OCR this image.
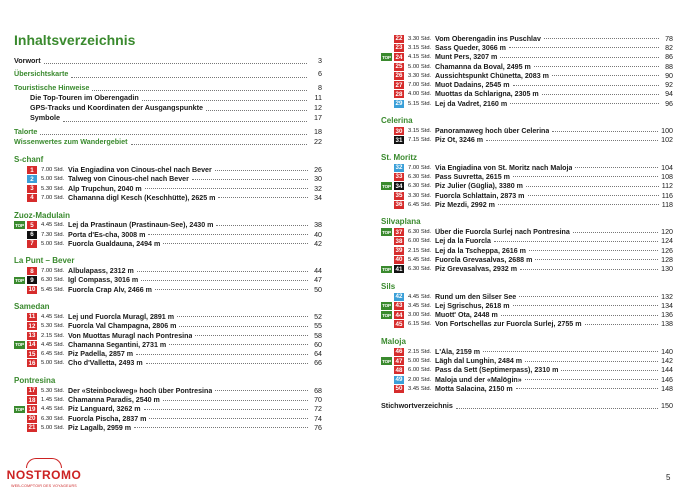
Inhaltsverzeichnis
Vorwort	3
Übersichtskarte	6
Touristische Hinweise	8
Die Top-Touren im Oberengadin	11
GPS-Tracks und Koordinaten der Ausgangspunkte	12
Symbole	17
Talorte	18
Wissenwertes zum Wandergebiet	22
S-chanf
1	7.00 Std. Via Engiadina von Cinous-chel nach Bever	26
2	5.00 Std. Talweg von Cinous-chel nach Bever	30
3	5.30 Std. Alp Trupchun, 2040 m	32
4	7.00 Std. Chamanna digl Kesch (Keschhütte), 2625 m	34
Zuoz-Madulain
TOP	5	4.45 Std. Lej da Prastinaun (Prastinaun-See), 2430 m	38
6	7.30 Std. Porta d'Es-cha, 3008 m	40
7	5.00 Std. Fuorcla Gualdauna, 2494 m	42
La Punt – Bever
8	7.00 Std. Albulapass, 2312 m	44
TOP	9	6.30 Std. Igl Compass, 3016 m	47
10 5.45 Std. Fuorcla Crap Alv, 2466 m	50
Samedan
11 4.45 Std. Lej und Fuorcla Muragl, 2891 m	52
12 5.30 Std. Fuorcla Val Champagna, 2806 m	55
13 2.15 Std. Von Muottas Muragl nach Pontresina	58
TOP 14 4.45 Std. Chamanna Segantini, 2731 m	60
15 6.45 Std. Piz Padella, 2857 m	64
16 5.00 Std. Cho d'Valletta, 2493 m	66
Pontresina
17 5.30 Std. Der «Steinbockweg» hoch über Pontresina	68
18 1.45 Std. Chamanna Paradis, 2540 m	70
TOP 19 4.45 Std. Piz Languard, 3262 m	72
20 6.30 Std. Fuorcla Pischa, 2837 m	74
21 5.00 Std. Piz Lagalb, 2959 m	76
22 3.30 Std. Vom Oberengadin ins Puschlav	78
23 3.15 Std. Sass Queder, 3066 m	82
TOP 24 4.15 Std. Munt Pers, 3207 m	86
25 5.00 Std. Chamanna da Boval, 2495 m	88
26 3.30 Std. Aussichtspunkt Chünetta, 2083 m	90
27 7.00 Std. Muot Dadains, 2545 m	92
28 4.00 Std. Muottas da Schlarigna, 2305 m	94
29 5.15 Std. Lej da Vadret, 2160 m	96
Celerina
30 3.15 Std. Panoramaweg hoch über Celerina	100
31 7.15 Std. Piz Ot, 3246 m	102
St. Moritz
32 7.00 Std. Via Engiadina von St. Moritz nach Maloja	104
33 6.30 Std. Pass Suvretta, 2615 m	108
TOP 34 6.30 Std. Piz Julier (Güglia), 3380 m	112
35 3.30 Std. Fuorcla Schlattain, 2873 m	116
36 6.45 Std. Piz Mezdi, 2992 m	118
Silvaplana
TOP 37 6.30 Std. Über die Fuorcla Surlej nach Pontresina	120
38 6.00 Std. Lej da la Fuorcla	124
39 2.15 Std. Lej da la Tscheppa, 2616 m	126
40 5.45 Std. Fuorcla Grevasalvas, 2688 m	128
TOP 41 6.30 Std. Piz Grevasalvas, 2932 m	130
Sils
42 4.45 Std. Rund um den Silser See	132
TOP 43 3.45 Std. Lej Sgrischus, 2618 m	134
TOP 44 3.00 Std. Muott' Ota, 2448 m	136
45 6.15 Std. Von Fortschellas zur Fuorcla Surlej, 2755 m	138
Maloja
46 2.15 Std. L'Àla, 2159 m	140
TOP 47 5.00 Std. Lägh dal Lunghin, 2484 m	142
48 6.00 Std. Pass da Sett (Septimerpass), 2310 m	144
49 2.00 Std. Maloja und der «Malögin»	146
50 3.45 Std. Motta Salacina, 2150 m	148
Stichwortverzeichnis	150
5
NOSTROMO
WEB-COMPTOIR DES VOYAGEURS
